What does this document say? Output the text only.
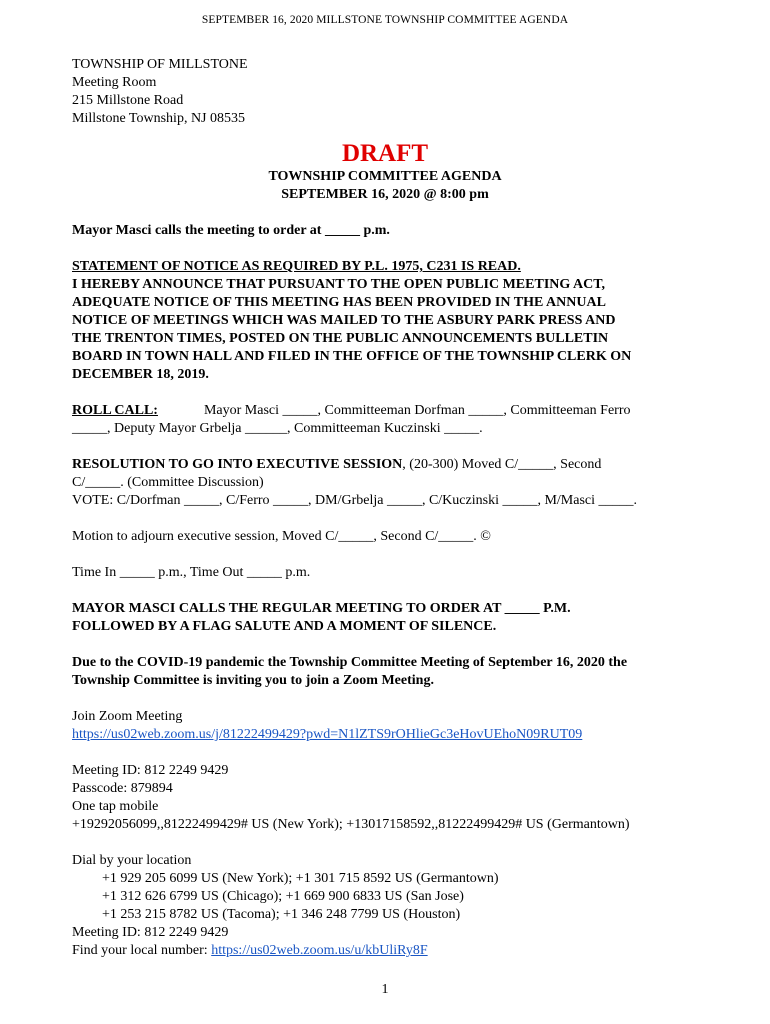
SEPTEMBER 16, 2020 MILLSTONE TOWNSHIP COMMITTEE AGENDA
TOWNSHIP OF MILLSTONE
Meeting Room
215 Millstone Road
Millstone Township, NJ 08535
DRAFT
TOWNSHIP COMMITTEE AGENDA
SEPTEMBER 16, 2020 @ 8:00 pm
Mayor Masci calls the meeting to order at _____ p.m.
STATEMENT OF NOTICE AS REQUIRED BY P.L. 1975, C231 IS READ.
I HEREBY ANNOUNCE THAT PURSUANT TO THE OPEN PUBLIC MEETING ACT,
ADEQUATE NOTICE OF THIS MEETING HAS BEEN PROVIDED IN THE ANNUAL
NOTICE OF MEETINGS WHICH WAS MAILED TO THE ASBURY PARK PRESS AND
THE TRENTON TIMES, POSTED ON THE PUBLIC ANNOUNCEMENTS BULLETIN
BOARD IN TOWN HALL AND FILED IN THE OFFICE OF THE TOWNSHIP CLERK ON
DECEMBER 18, 2019.
ROLL CALL:	Mayor Masci _____, Committeeman Dorfman _____, Committeeman Ferro
_____, Deputy Mayor Grbelja ______, Committeeman Kuczinski _____.
RESOLUTION TO GO INTO EXECUTIVE SESSION, (20-300) Moved C/_____, Second
C/_____. (Committee Discussion)
VOTE: C/Dorfman _____, C/Ferro _____, DM/Grbelja _____, C/Kuczinski _____, M/Masci _____.
Motion to adjourn executive session, Moved C/_____, Second C/_____. ©
Time In _____ p.m., Time Out _____ p.m.
MAYOR MASCI CALLS THE REGULAR MEETING TO ORDER AT _____ P.M.
FOLLOWED BY A FLAG SALUTE AND A MOMENT OF SILENCE.
Due to the COVID-19 pandemic the Township Committee Meeting of September 16, 2020 the
Township Committee is inviting you to join a Zoom Meeting.
Join Zoom Meeting
https://us02web.zoom.us/j/81222499429?pwd=N1lZTS9rOHlieGc3eHovUEhoN09RUT09
Meeting ID: 812 2249 9429
Passcode: 879894
One tap mobile
+19292056099,,81222499429# US (New York); +13017158592,,81222499429# US (Germantown)
Dial by your location
+1 929 205 6099 US (New York); +1 301 715 8592 US (Germantown)
+1 312 626 6799 US (Chicago); +1 669 900 6833 US (San Jose)
+1 253 215 8782 US (Tacoma); +1 346 248 7799 US (Houston)
Meeting ID: 812 2249 9429
Find your local number: https://us02web.zoom.us/u/kbUliRy8F
1
